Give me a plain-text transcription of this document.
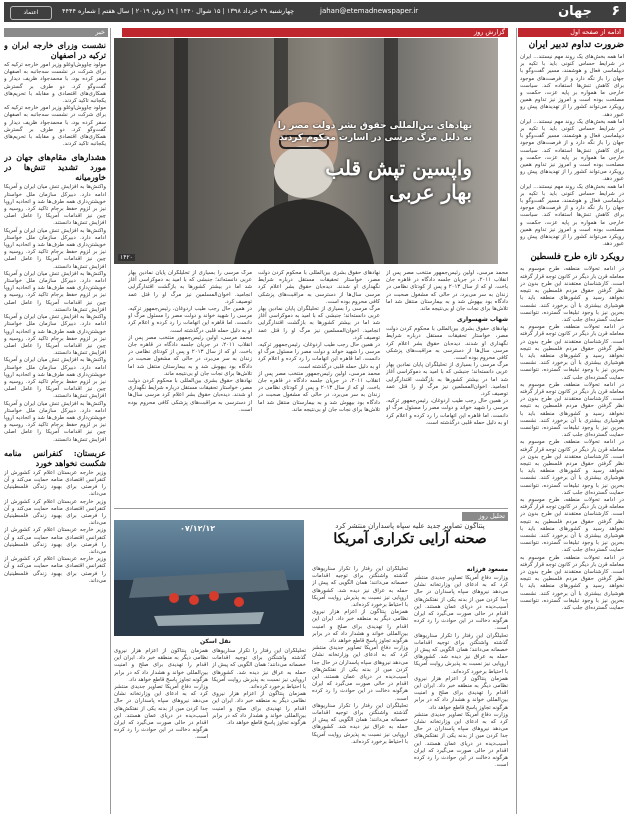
۶
جهان
jahan@etemadnewspaper.ir
چهارشنبه ۲۹ خرداد ۱۳۹۸ | ۱۵ شوال ۱۴۴۰ | ۱۹ ژوئن ۲۰۱۹ | سال هفتم | شماره ۴۴۴۴
اعتماد
ادامه از صفحه اول
ضرورت تداوم تدبیر ایران
اما همه بخش‌های یک روند مهم نیستند... ایران در شرایط حساس کنونی باید با تکیه بر دیپلماسی فعال و هوشمند، مسیر گفت‌وگو با جهان را باز نگه دارد و از فرصت‌های موجود برای کاهش تنش‌ها استفاده کند. سیاست خارجی ما همواره بر پایه عزت، حکمت و مصلحت بوده است و امروز نیز تداوم همین رویکرد می‌تواند کشور را از تهدیدهای پیش رو عبور دهد.
اما همه بخش‌های یک روند مهم نیستند... ایران در شرایط حساس کنونی باید با تکیه بر دیپلماسی فعال و هوشمند، مسیر گفت‌وگو با جهان را باز نگه دارد و از فرصت‌های موجود برای کاهش تنش‌ها استفاده کند. سیاست خارجی ما همواره بر پایه عزت، حکمت و مصلحت بوده است و امروز نیز تداوم همین رویکرد می‌تواند کشور را از تهدیدهای پیش رو عبور دهد.
اما همه بخش‌های یک روند مهم نیستند... ایران در شرایط حساس کنونی باید با تکیه بر دیپلماسی فعال و هوشمند، مسیر گفت‌وگو با جهان را باز نگه دارد و از فرصت‌های موجود برای کاهش تنش‌ها استفاده کند. سیاست خارجی ما همواره بر پایه عزت، حکمت و مصلحت بوده است و امروز نیز تداوم همین رویکرد می‌تواند کشور را از تهدیدهای پیش رو عبور دهد.
رویکرد تازه طرح فلسطین
در ادامه تحولات منطقه، طرح موسوم به معامله قرن بار دیگر در کانون توجه قرار گرفته است. کارشناسان معتقدند این طرح بدون در نظر گرفتن حقوق مردم فلسطین به نتیجه نخواهد رسید و کشورهای منطقه باید با هوشیاری بیشتری با آن برخورد کنند. نشست بحرین نیز با وجود تبلیغات گسترده، نتوانست حمایت گسترده‌ای جلب کند.
در ادامه تحولات منطقه، طرح موسوم به معامله قرن بار دیگر در کانون توجه قرار گرفته است. کارشناسان معتقدند این طرح بدون در نظر گرفتن حقوق مردم فلسطین به نتیجه نخواهد رسید و کشورهای منطقه باید با هوشیاری بیشتری با آن برخورد کنند. نشست بحرین نیز با وجود تبلیغات گسترده، نتوانست حمایت گسترده‌ای جلب کند.
در ادامه تحولات منطقه، طرح موسوم به معامله قرن بار دیگر در کانون توجه قرار گرفته است. کارشناسان معتقدند این طرح بدون در نظر گرفتن حقوق مردم فلسطین به نتیجه نخواهد رسید و کشورهای منطقه باید با هوشیاری بیشتری با آن برخورد کنند. نشست بحرین نیز با وجود تبلیغات گسترده، نتوانست حمایت گسترده‌ای جلب کند.
در ادامه تحولات منطقه، طرح موسوم به معامله قرن بار دیگر در کانون توجه قرار گرفته است. کارشناسان معتقدند این طرح بدون در نظر گرفتن حقوق مردم فلسطین به نتیجه نخواهد رسید و کشورهای منطقه باید با هوشیاری بیشتری با آن برخورد کنند. نشست بحرین نیز با وجود تبلیغات گسترده، نتوانست حمایت گسترده‌ای جلب کند.
در ادامه تحولات منطقه، طرح موسوم به معامله قرن بار دیگر در کانون توجه قرار گرفته است. کارشناسان معتقدند این طرح بدون در نظر گرفتن حقوق مردم فلسطین به نتیجه نخواهد رسید و کشورهای منطقه باید با هوشیاری بیشتری با آن برخورد کنند. نشست بحرین نیز با وجود تبلیغات گسترده، نتوانست حمایت گسترده‌ای جلب کند.
در ادامه تحولات منطقه، طرح موسوم به معامله قرن بار دیگر در کانون توجه قرار گرفته است. کارشناسان معتقدند این طرح بدون در نظر گرفتن حقوق مردم فلسطین به نتیجه نخواهد رسید و کشورهای منطقه باید با هوشیاری بیشتری با آن برخورد کنند. نشست بحرین نیز با وجود تبلیغات گسترده، نتوانست حمایت گسترده‌ای جلب کند.
گزارش روز
نهادهای بین‌المللی حقوق بشر دولت مصر را
به دلیل مرگ مرسی در اسارت محکوم کردند
واپسین تپش قلب
بهار عربی
۱۴۲۰
محمد مرسی، اولین رئیس‌جمهور منتخب مصر پس از انقلاب ۲۰۱۱، در جریان جلسه دادگاه در قاهره جان باخت. او که از سال ۲۰۱۳ و پس از کودتای نظامی در زندان به سر می‌برد، در حالی که مشغول صحبت در دادگاه بود بیهوش شد و به بیمارستان منتقل شد اما تلاش‌ها برای نجات جان او بی‌نتیجه ماند.
شهاب شهسواری
نهادهای حقوق بشری بین‌المللی با محکوم کردن دولت مصر، خواستار تحقیقات مستقل درباره شرایط نگهداری او شدند. دیده‌بان حقوق بشر اعلام کرد مرسی سال‌ها از دسترسی به مراقبت‌های پزشکی کافی محروم بوده است.
مرگ مرسی را بسیاری از تحلیلگران پایان نمادین بهار عربی دانسته‌اند؛ جنبشی که با امید به دموکراسی آغاز شد اما در بیشتر کشورها به بازگشت اقتدارگرایی انجامید. اخوان‌المسلمین نیز مرگ او را قتل عمد توصیف کرد.
در همین حال رجب طیب اردوغان، رئیس‌جمهور ترکیه، مرسی را شهید خواند و دولت مصر را مسئول مرگ او دانست. اما قاهره این اتهامات را رد کرده و اعلام کرد او به دلیل حمله قلبی درگذشته است.
نهادهای حقوق بشری بین‌المللی با محکوم کردن دولت مصر، خواستار تحقیقات مستقل درباره شرایط نگهداری او شدند. دیده‌بان حقوق بشر اعلام کرد مرسی سال‌ها از دسترسی به مراقبت‌های پزشکی کافی محروم بوده است.
مرگ مرسی را بسیاری از تحلیلگران پایان نمادین بهار عربی دانسته‌اند؛ جنبشی که با امید به دموکراسی آغاز شد اما در بیشتر کشورها به بازگشت اقتدارگرایی انجامید. اخوان‌المسلمین نیز مرگ او را قتل عمد توصیف کرد.
در همین حال رجب طیب اردوغان، رئیس‌جمهور ترکیه، مرسی را شهید خواند و دولت مصر را مسئول مرگ او دانست. اما قاهره این اتهامات را رد کرده و اعلام کرد او به دلیل حمله قلبی درگذشته است.
محمد مرسی، اولین رئیس‌جمهور منتخب مصر پس از انقلاب ۲۰۱۱، در جریان جلسه دادگاه در قاهره جان باخت. او که از سال ۲۰۱۳ و پس از کودتای نظامی در زندان به سر می‌برد، در حالی که مشغول صحبت در دادگاه بود بیهوش شد و به بیمارستان منتقل شد اما تلاش‌ها برای نجات جان او بی‌نتیجه ماند.
مرگ مرسی را بسیاری از تحلیلگران پایان نمادین بهار عربی دانسته‌اند؛ جنبشی که با امید به دموکراسی آغاز شد اما در بیشتر کشورها به بازگشت اقتدارگرایی انجامید. اخوان‌المسلمین نیز مرگ او را قتل عمد توصیف کرد.
در همین حال رجب طیب اردوغان، رئیس‌جمهور ترکیه، مرسی را شهید خواند و دولت مصر را مسئول مرگ او دانست. اما قاهره این اتهامات را رد کرده و اعلام کرد او به دلیل حمله قلبی درگذشته است.
محمد مرسی، اولین رئیس‌جمهور منتخب مصر پس از انقلاب ۲۰۱۱، در جریان جلسه دادگاه در قاهره جان باخت. او که از سال ۲۰۱۳ و پس از کودتای نظامی در زندان به سر می‌برد، در حالی که مشغول صحبت در دادگاه بود بیهوش شد و به بیمارستان منتقل شد اما تلاش‌ها برای نجات جان او بی‌نتیجه ماند.
نهادهای حقوق بشری بین‌المللی با محکوم کردن دولت مصر، خواستار تحقیقات مستقل درباره شرایط نگهداری او شدند. دیده‌بان حقوق بشر اعلام کرد مرسی سال‌ها از دسترسی به مراقبت‌های پزشکی کافی محروم بوده است.
تحلیل روز
پنتاگون تصاویر جدید علیه سپاه پاسداران منتشر کرد
صحنه آرایی تکراری آمریکا
مسعود فرزانه
وزارت دفاع آمریکا تصاویر جدیدی منتشر کرد که به ادعای این وزارتخانه نشان می‌دهد نیروهای سپاه پاسداران در حال جدا کردن مین از بدنه یکی از نفتکش‌های آسیب‌دیده در دریای عمان هستند. این اقدام در حالی صورت می‌گیرد که ایران هرگونه دخالت در این حوادث را رد کرده است.
تحلیلگران این رفتار را تکرار سناریوهای گذشته واشنگتن برای توجیه اقدامات خصمانه می‌دانند؛ همان الگویی که پیش از حمله به عراق نیز دیده شد. کشورهای اروپایی نیز نسبت به پذیرش روایت آمریکا با احتیاط برخورد کرده‌اند.
همزمان پنتاگون از اعزام هزار نیروی نظامی دیگر به منطقه خبر داد. ایران این اقدام را تهدیدی برای صلح و امنیت بین‌المللی خواند و هشدار داد که در برابر هرگونه تجاوز پاسخ قاطع خواهد داد.
وزارت دفاع آمریکا تصاویر جدیدی منتشر کرد که به ادعای این وزارتخانه نشان می‌دهد نیروهای سپاه پاسداران در حال جدا کردن مین از بدنه یکی از نفتکش‌های آسیب‌دیده در دریای عمان هستند. این اقدام در حالی صورت می‌گیرد که ایران هرگونه دخالت در این حوادث را رد کرده است.
تحلیلگران این رفتار را تکرار سناریوهای گذشته واشنگتن برای توجیه اقدامات خصمانه می‌دانند؛ همان الگویی که پیش از حمله به عراق نیز دیده شد. کشورهای اروپایی نیز نسبت به پذیرش روایت آمریکا با احتیاط برخورد کرده‌اند.
همزمان پنتاگون از اعزام هزار نیروی نظامی دیگر به منطقه خبر داد. ایران این اقدام را تهدیدی برای صلح و امنیت بین‌المللی خواند و هشدار داد که در برابر هرگونه تجاوز پاسخ قاطع خواهد داد.
وزارت دفاع آمریکا تصاویر جدیدی منتشر کرد که به ادعای این وزارتخانه نشان می‌دهد نیروهای سپاه پاسداران در حال جدا کردن مین از بدنه یکی از نفتکش‌های آسیب‌دیده در دریای عمان هستند. این اقدام در حالی صورت می‌گیرد که ایران هرگونه دخالت در این حوادث را رد کرده است.
تحلیلگران این رفتار را تکرار سناریوهای گذشته واشنگتن برای توجیه اقدامات خصمانه می‌دانند؛ همان الگویی که پیش از حمله به عراق نیز دیده شد. کشورهای اروپایی نیز نسبت به پذیرش روایت آمریکا با احتیاط برخورد کرده‌اند.
۰۷/۱۲/۱۲
نقل اسکن
همزمان پنتاگون از اعزام هزار نیروی نظامی دیگر به منطقه خبر داد. ایران این اقدام را تهدیدی برای صلح و امنیت بین‌المللی خواند و هشدار داد که در برابر هرگونه تجاوز پاسخ قاطع خواهد داد.
وزارت دفاع آمریکا تصاویر جدیدی منتشر کرد که به ادعای این وزارتخانه نشان می‌دهد نیروهای سپاه پاسداران در حال جدا کردن مین از بدنه یکی از نفتکش‌های آسیب‌دیده در دریای عمان هستند. این اقدام در حالی صورت می‌گیرد که ایران هرگونه دخالت در این حوادث را رد کرده است.
تحلیلگران این رفتار را تکرار سناریوهای گذشته واشنگتن برای توجیه اقدامات خصمانه می‌دانند؛ همان الگویی که پیش از حمله به عراق نیز دیده شد. کشورهای اروپایی نیز نسبت به پذیرش روایت آمریکا با احتیاط برخورد کرده‌اند.
همزمان پنتاگون از اعزام هزار نیروی نظامی دیگر به منطقه خبر داد. ایران این اقدام را تهدیدی برای صلح و امنیت بین‌المللی خواند و هشدار داد که در برابر هرگونه تجاوز پاسخ قاطع خواهد داد.
خبر
نشست وزرای خارجه ایران و ترکیه در اصفهان
مولود چاووش‌اوغلو وزیر امور خارجه ترکیه که برای شرکت در نشست سه‌جانبه به اصفهان سفر کرده بود، با محمدجواد ظریف دیدار و گفت‌وگو کرد. دو طرف بر گسترش همکاری‌های اقتصادی و مقابله با تحریم‌های یکجانبه تاکید کردند.
مولود چاووش‌اوغلو وزیر امور خارجه ترکیه که برای شرکت در نشست سه‌جانبه به اصفهان سفر کرده بود، با محمدجواد ظریف دیدار و گفت‌وگو کرد. دو طرف بر گسترش همکاری‌های اقتصادی و مقابله با تحریم‌های یکجانبه تاکید کردند.
هشدارهای مقام‌های جهان در مورد تشدید تنش‌ها در خاورمیانه
واکنش‌ها به افزایش تنش میان ایران و آمریکا ادامه دارد. دبیرکل سازمان ملل خواستار خویشتن‌داری همه طرف‌ها شد و اتحادیه اروپا نیز بر لزوم حفظ برجام تاکید کرد. روسیه و چین نیز اقدامات آمریکا را عامل اصلی افزایش تنش‌ها دانستند.
واکنش‌ها به افزایش تنش میان ایران و آمریکا ادامه دارد. دبیرکل سازمان ملل خواستار خویشتن‌داری همه طرف‌ها شد و اتحادیه اروپا نیز بر لزوم حفظ برجام تاکید کرد. روسیه و چین نیز اقدامات آمریکا را عامل اصلی افزایش تنش‌ها دانستند.
واکنش‌ها به افزایش تنش میان ایران و آمریکا ادامه دارد. دبیرکل سازمان ملل خواستار خویشتن‌داری همه طرف‌ها شد و اتحادیه اروپا نیز بر لزوم حفظ برجام تاکید کرد. روسیه و چین نیز اقدامات آمریکا را عامل اصلی افزایش تنش‌ها دانستند.
واکنش‌ها به افزایش تنش میان ایران و آمریکا ادامه دارد. دبیرکل سازمان ملل خواستار خویشتن‌داری همه طرف‌ها شد و اتحادیه اروپا نیز بر لزوم حفظ برجام تاکید کرد. روسیه و چین نیز اقدامات آمریکا را عامل اصلی افزایش تنش‌ها دانستند.
واکنش‌ها به افزایش تنش میان ایران و آمریکا ادامه دارد. دبیرکل سازمان ملل خواستار خویشتن‌داری همه طرف‌ها شد و اتحادیه اروپا نیز بر لزوم حفظ برجام تاکید کرد. روسیه و چین نیز اقدامات آمریکا را عامل اصلی افزایش تنش‌ها دانستند.
واکنش‌ها به افزایش تنش میان ایران و آمریکا ادامه دارد. دبیرکل سازمان ملل خواستار خویشتن‌داری همه طرف‌ها شد و اتحادیه اروپا نیز بر لزوم حفظ برجام تاکید کرد. روسیه و چین نیز اقدامات آمریکا را عامل اصلی افزایش تنش‌ها دانستند.
عربستان: کنفرانس منامه شکست نخواهد خورد
وزیر خارجه عربستان اعلام کرد کشورش از کنفرانس اقتصادی منامه حمایت می‌کند و آن را فرصتی برای بهبود زندگی فلسطینیان می‌داند.
وزیر خارجه عربستان اعلام کرد کشورش از کنفرانس اقتصادی منامه حمایت می‌کند و آن را فرصتی برای بهبود زندگی فلسطینیان می‌داند.
وزیر خارجه عربستان اعلام کرد کشورش از کنفرانس اقتصادی منامه حمایت می‌کند و آن را فرصتی برای بهبود زندگی فلسطینیان می‌داند.
وزیر خارجه عربستان اعلام کرد کشورش از کنفرانس اقتصادی منامه حمایت می‌کند و آن را فرصتی برای بهبود زندگی فلسطینیان می‌داند.
